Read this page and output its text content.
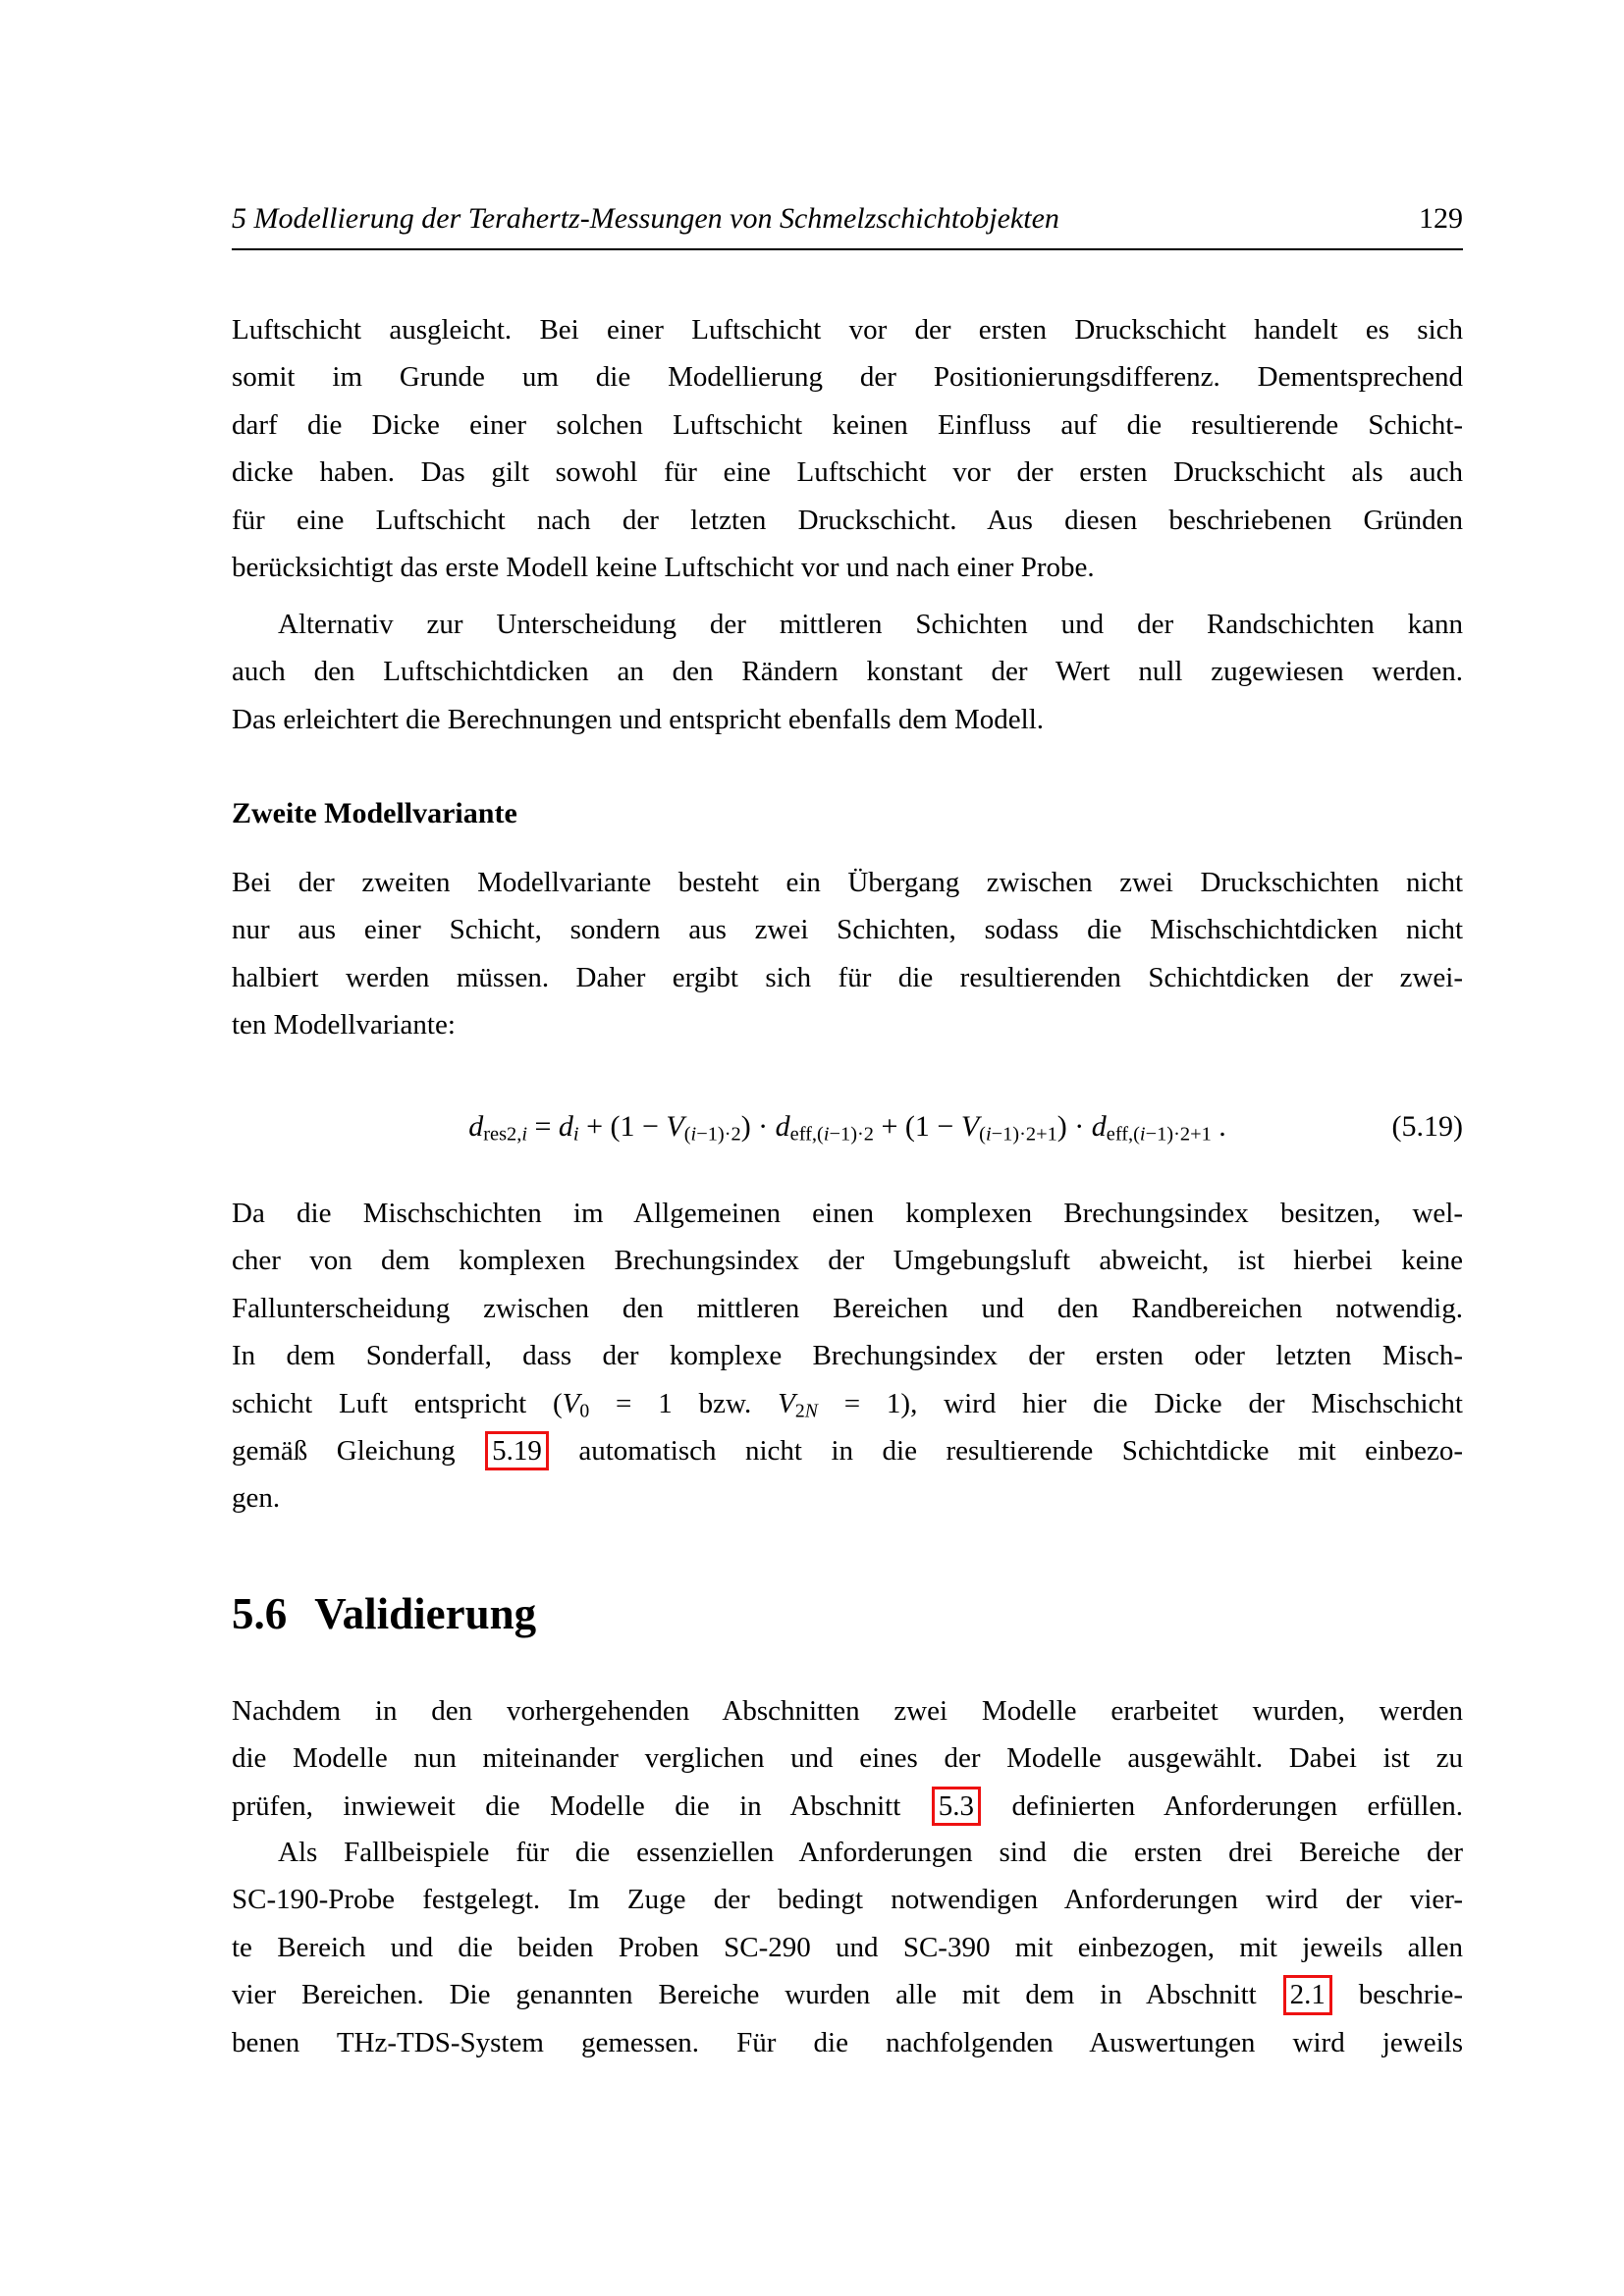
5 Modellierung der Terahertz-Messungen von Schmelzschichtobjekten	129
Luftschicht ausgleicht. Bei einer Luftschicht vor der ersten Druckschicht handelt es sich
somit im Grunde um die Modellierung der Positionierungsdifferenz. Dementsprechend
darf die Dicke einer solchen Luftschicht keinen Einfluss auf die resultierende Schicht-
dicke haben. Das gilt sowohl für eine Luftschicht vor der ersten Druckschicht als auch
für eine Luftschicht nach der letzten Druckschicht. Aus diesen beschriebenen Gründen
berücksichtigt das erste Modell keine Luftschicht vor und nach einer Probe.
Alternativ zur Unterscheidung der mittleren Schichten und der Randschichten kann
auch den Luftschichtdicken an den Rändern konstant der Wert null zugewiesen werden.
Das erleichtert die Berechnungen und entspricht ebenfalls dem Modell.
Zweite Modellvariante
Bei der zweiten Modellvariante besteht ein Übergang zwischen zwei Druckschichten nicht
nur aus einer Schicht, sondern aus zwei Schichten, sodass die Mischschichtdicken nicht
halbiert werden müssen. Daher ergibt sich für die resultierenden Schichtdicken der zwei-
ten Modellvariante:
$d_{res2,i} = d_i + (1 - V_{(i-1)\cdot 2}) \cdot d_{eff,(i-1)\cdot 2} + (1 - V_{(i-1)\cdot 2+1}) \cdot d_{eff,(i-1)\cdot 2+1}$ .	(5.19)
Da die Mischschichten im Allgemeinen einen komplexen Brechungsindex besitzen, wel-
cher von dem komplexen Brechungsindex der Umgebungsluft abweicht, ist hierbei keine
Fallunterscheidung zwischen den mittleren Bereichen und den Randbereichen notwendig.
In dem Sonderfall, dass der komplexe Brechungsindex der ersten oder letzten Misch-
schicht Luft entspricht ($V_0 = 1$ bzw. $V_{2N} = 1$), wird hier die Dicke der Mischschicht
gemäß Gleichung 5.19 automatisch nicht in die resultierende Schichtdicke mit einbezo-
gen.
5.6 Validierung
Nachdem in den vorhergehenden Abschnitten zwei Modelle erarbeitet wurden, werden
die Modelle nun miteinander verglichen und eines der Modelle ausgewählt. Dabei ist zu
prüfen, inwieweit die Modelle die in Abschnitt 5.3 definierten Anforderungen erfüllen.
Als Fallbeispiele für die essenziellen Anforderungen sind die ersten drei Bereiche der
SC-190-Probe festgelegt. Im Zuge der bedingt notwendigen Anforderungen wird der vier-
te Bereich und die beiden Proben SC-290 und SC-390 mit einbezogen, mit jeweils allen
vier Bereichen. Die genannten Bereiche wurden alle mit dem in Abschnitt 2.1 beschrie-
benen THz-TDS-System gemessen. Für die nachfolgenden Auswertungen wird jeweils
